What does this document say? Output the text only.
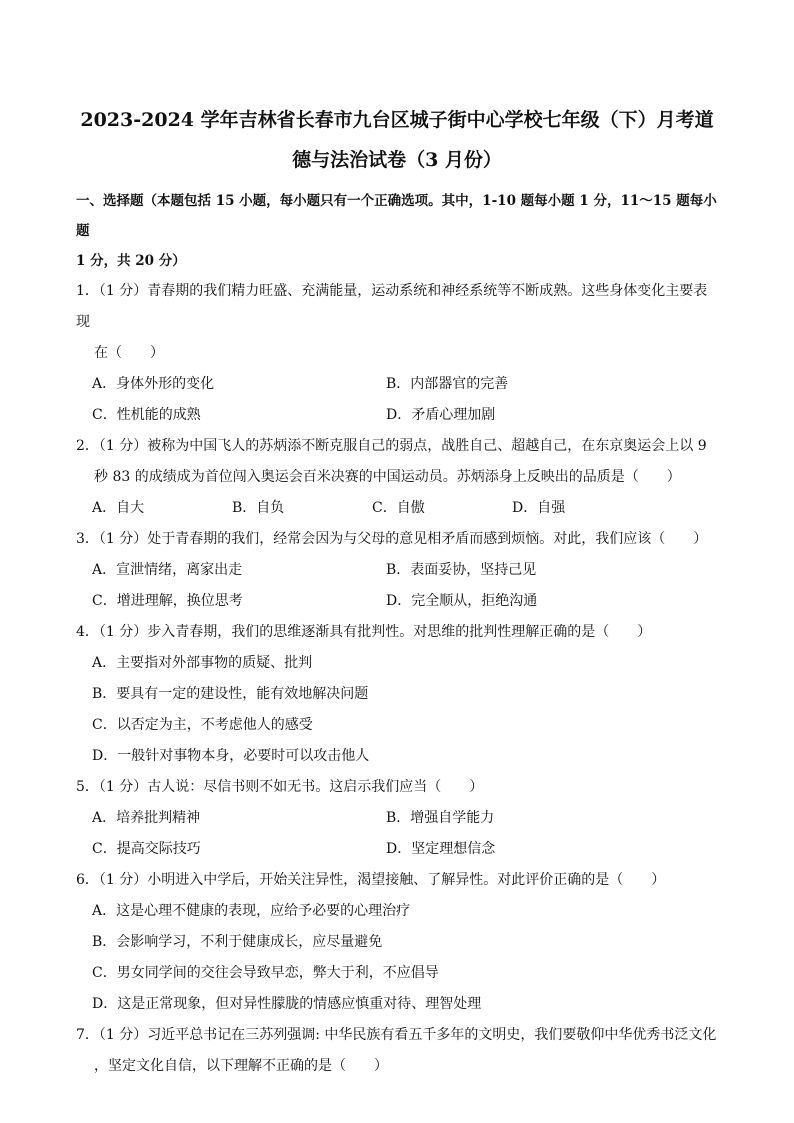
2023-2024 学年吉林省长春市九台区城子街中心学校七年级（下）月考道
德与法治试卷（3 月份）
一、选择题（本题包括 15 小题，每小题只有一个正确选项。其中，1-10 题每小题 1 分，11～15 题每小题
1 分，共 20 分）
1．（1 分）青春期的我们精力旺盛、充满能量，运动系统和神经系统等不断成熟。这些身体变化主要表现
在（　　）
A．身体外形的变化	B．内部器官的完善
C．性机能的成熟	D．矛盾心理加剧
2．（1 分）被称为中国飞人的苏炳添不断克服自己的弱点，战胜自己、超越自己，在东京奥运会上以 9
秒 83 的成绩成为首位闯入奥运会百米决赛的中国运动员。苏炳添身上反映出的品质是（　　）
A．自大	B．自负	C．自傲	D．自强
3．（1 分）处于青春期的我们，经常会因为与父母的意见相矛盾而感到烦恼。对此，我们应该（　　）
A．宣泄情绪，离家出走	B．表面妥协，坚持己见
C．增进理解，换位思考	D．完全顺从，拒绝沟通
4．（1 分）步入青春期，我们的思维逐渐具有批判性。对思维的批判性理解正确的是（　　）
A．主要指对外部事物的质疑、批判
B．要具有一定的建设性，能有效地解决问题
C．以否定为主，不考虑他人的感受
D．一般针对事物本身，必要时可以攻击他人
5．（1 分）古人说：尽信书则不如无书。这启示我们应当（　　）
A．培养批判精神	B．增强自学能力
C．提高交际技巧	D．坚定理想信念
6．（1 分）小明进入中学后，开始关注异性，渴望接触、了解异性。对此评价正确的是（　　）
A．这是心理不健康的表现，应给予必要的心理治疗
B．会影响学习，不利于健康成长，应尽量避免
C．男女同学间的交往会导致早恋，弊大于利，不应倡导
D．这是正常现象，但对异性朦胧的情感应慎重对待、理智处理
7．（1 分）习近平总书记在三苏列强调: 中华民族有看五千多年的文明史，我们要敬仰中华优秀书泛文化
，坚定文化自信，以下理解不正确的是（　　）
